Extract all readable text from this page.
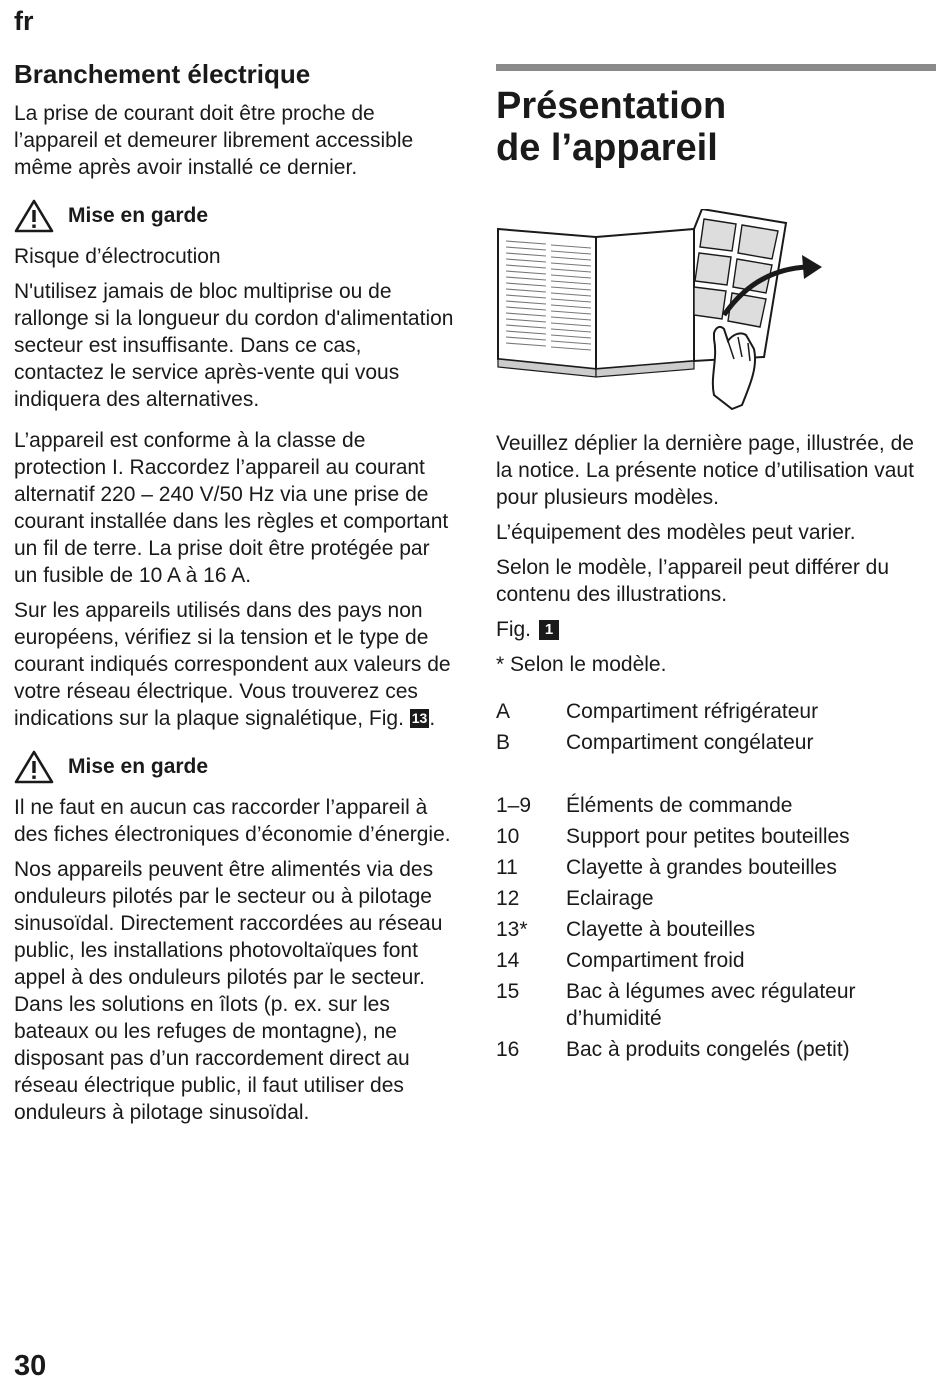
fr
Branchement électrique

La prise de courant doit être proche de l’appareil et demeurer librement accessible même après avoir installé ce dernier.

Mise en garde

Risque d’électrocution

N'utilisez jamais de bloc multiprise ou de rallonge si la longueur du cordon d'alimentation secteur est insuffisante. Dans ce cas, contactez le service après-vente qui vous indiquera des alternatives.

L’appareil est conforme à la classe de protection I. Raccordez l’appareil au courant alternatif 220 – 240 V/50 Hz via une prise de courant installée dans les règles et comportant un fil de terre. La prise doit être protégée par un fusible de 10 A à 16 A.

Sur les appareils utilisés dans des pays non européens, vérifiez si la tension et le type de courant indiqués correspondent aux valeurs de votre réseau électrique. Vous trouverez ces indications sur la plaque signalétique, Fig. 13.

Mise en garde

Il ne faut en aucun cas raccorder l’appareil à des fiches électroniques d’économie d’énergie.

Nos appareils peuvent être alimentés via des onduleurs pilotés par le secteur ou à pilotage sinusoïdal. Directement raccordées au réseau public, les installations photovoltaïques font appel à des onduleurs pilotés par le secteur. Dans les solutions en îlots (p. ex. sur les bateaux ou les refuges de montagne), ne disposant pas d’un raccordement direct au réseau électrique public, il faut utiliser des onduleurs à pilotage sinusoïdal.

Présentation
de l’appareil

Veuillez déplier la dernière page, illustrée, de la notice. La présente notice d’utilisation vaut pour plusieurs modèles.

L’équipement des modèles peut varier.

Selon le modèle, l’appareil peut différer du contenu des illustrations.

Fig. 1

* Selon le modèle.

A	Compartiment réfrigérateur
B	Compartiment congélateur
1–9	Éléments de commande
10	Support pour petites bouteilles
11	Clayette à grandes bouteilles
12	Eclairage
13*	Clayette à bouteilles
14	Compartiment froid
15	Bac à légumes avec régulateur d’humidité
16	Bac à produits congelés (petit)
30
